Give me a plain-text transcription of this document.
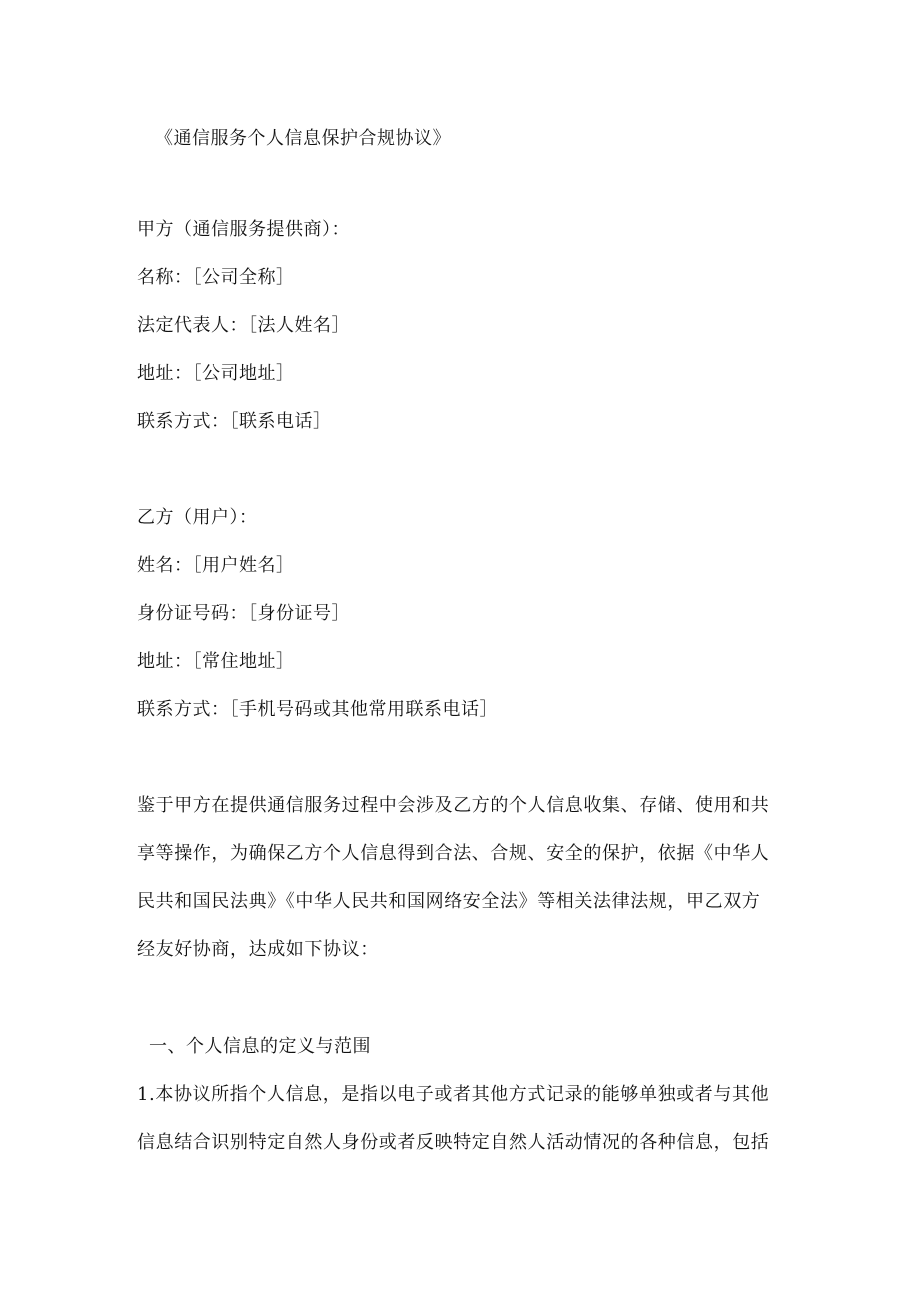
《通信服务个人信息保护合规协议》
甲方（通信服务提供商）：
名称：［公司全称］
法定代表人：［法人姓名］
地址：［公司地址］
联系方式：［联系电话］
乙方（用户）：
姓名：［用户姓名］
身份证号码：［身份证号］
地址：［常住地址］
联系方式：［手机号码或其他常用联系电话］
鉴于甲方在提供通信服务过程中会涉及乙方的个人信息收集、存储、使用和共
享等操作，为确保乙方个人信息得到合法、合规、安全的保护，依据《中华人
民共和国民法典》《中华人民共和国网络安全法》等相关法律法规，甲乙双方
经友好协商，达成如下协议：
一、个人信息的定义与范围
1.本协议所指个人信息，是指以电子或者其他方式记录的能够单独或者与其他
信息结合识别特定自然人身份或者反映特定自然人活动情况的各种信息，包括
